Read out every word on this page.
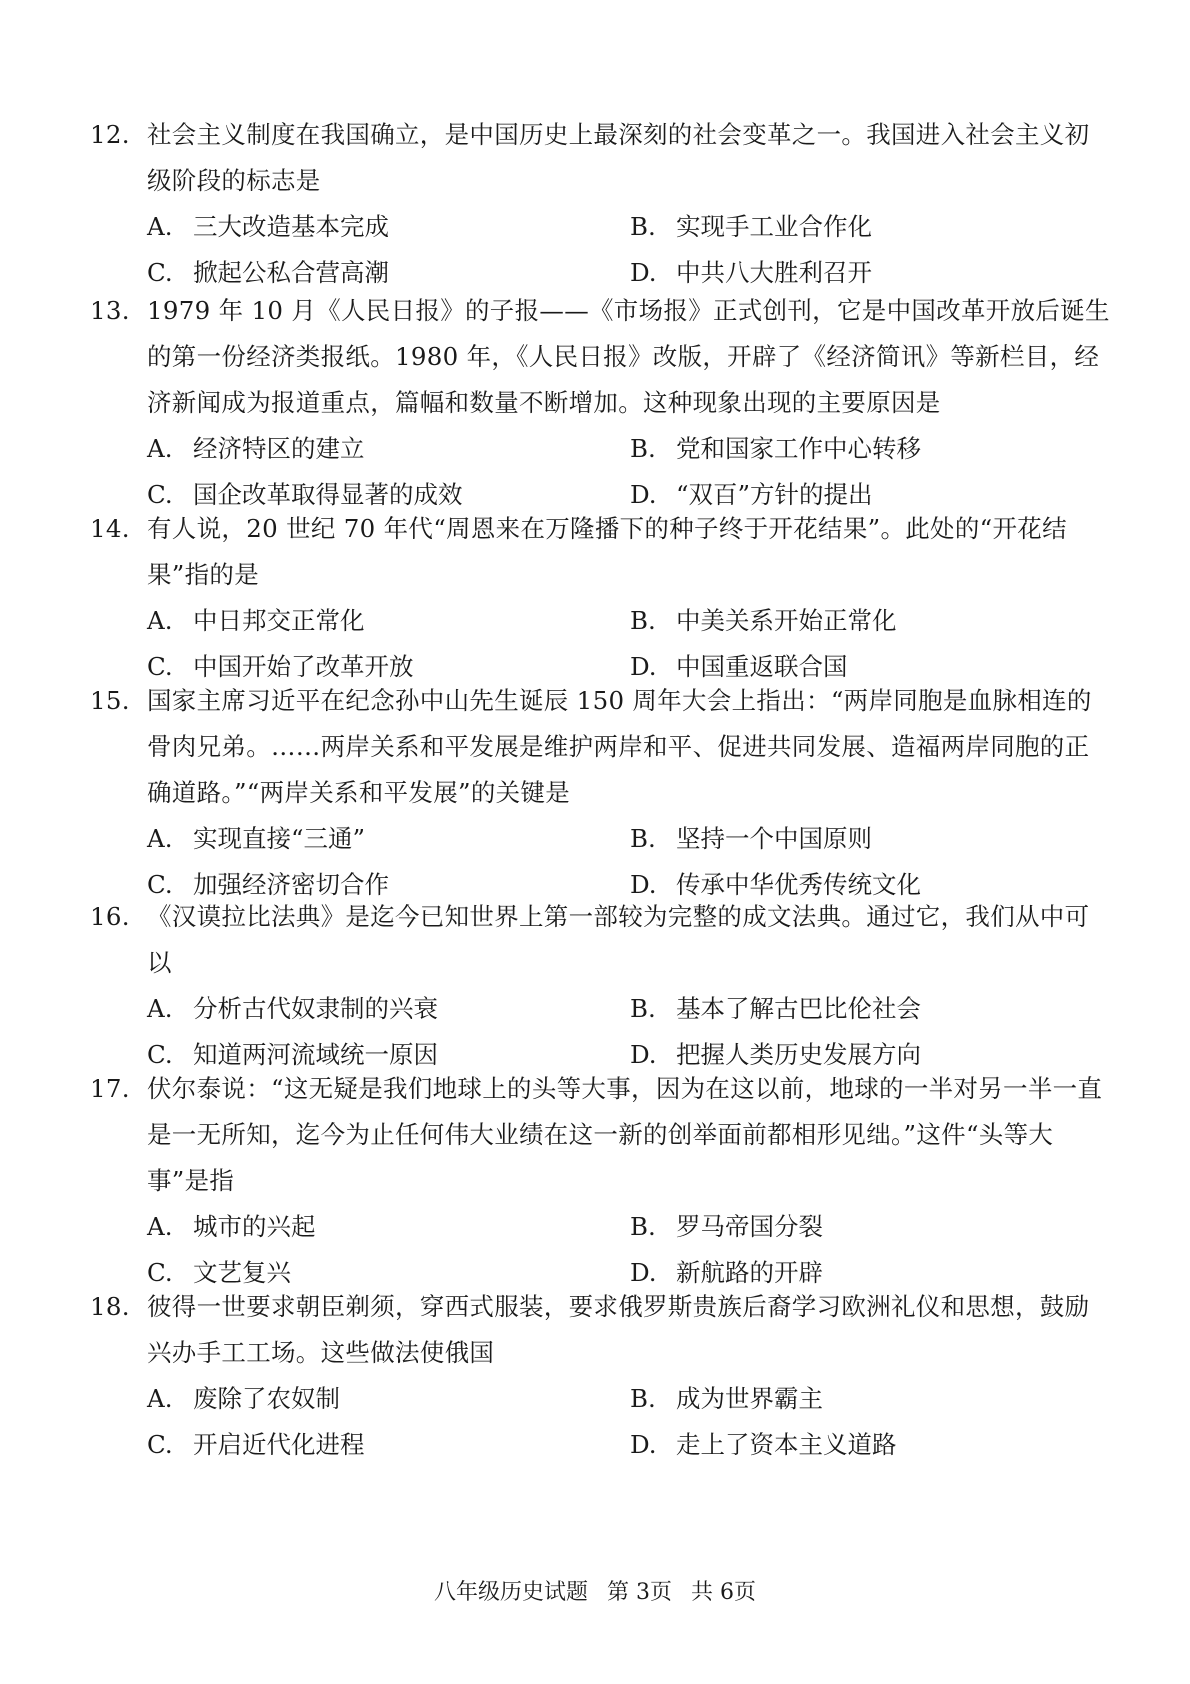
12. 社会主义制度在我国确立，是中国历史上最深刻的社会变革之一。我国进入社会主义初级阶段的标志是
A. 三大改造基本完成	B. 实现手工业合作化
C. 掀起公私合营高潮	D. 中共八大胜利召开
13. 1979 年 10 月《人民日报》的子报——《市场报》正式创刊，它是中国改革开放后诞生的第一份经济类报纸。1980 年，《人民日报》改版，开辟了《经济简讯》等新栏目，经济新闻成为报道重点，篇幅和数量不断增加。这种现象出现的主要原因是
A. 经济特区的建立	B. 党和国家工作中心转移
C. 国企改革取得显著的成效	D. “双百”方针的提出
14. 有人说，20 世纪 70 年代“周恩来在万隆播下的种子终于开花结果”。此处的“开花结果”指的是
A. 中日邦交正常化	B. 中美关系开始正常化
C. 中国开始了改革开放	D. 中国重返联合国
15. 国家主席习近平在纪念孙中山先生诞辰 150 周年大会上指出：“两岸同胞是血脉相连的骨肉兄弟。……两岸关系和平发展是维护两岸和平、促进共同发展、造福两岸同胞的正确道路。”“两岸关系和平发展”的关键是
A. 实现直接“三通”	B. 坚持一个中国原则
C. 加强经济密切合作	D. 传承中华优秀传统文化
16. 《汉谟拉比法典》是迄今已知世界上第一部较为完整的成文法典。通过它，我们从中可以
A. 分析古代奴隶制的兴衰	B. 基本了解古巴比伦社会
C. 知道两河流域统一原因	D. 把握人类历史发展方向
17. 伏尔泰说：“这无疑是我们地球上的头等大事，因为在这以前，地球的一半对另一半一直是一无所知，迄今为止任何伟大业绩在这一新的创举面前都相形见绌。”这件“头等大事”是指
A. 城市的兴起	B. 罗马帝国分裂
C. 文艺复兴	D. 新航路的开辟
18. 彼得一世要求朝臣剃须，穿西式服装，要求俄罗斯贵族后裔学习欧洲礼仪和思想，鼓励兴办手工工场。这些做法使俄国
A. 废除了农奴制	B. 成为世界霸主
C. 开启近代化进程	D. 走上了资本主义道路
八年级历史试题 第 3页 共 6页
